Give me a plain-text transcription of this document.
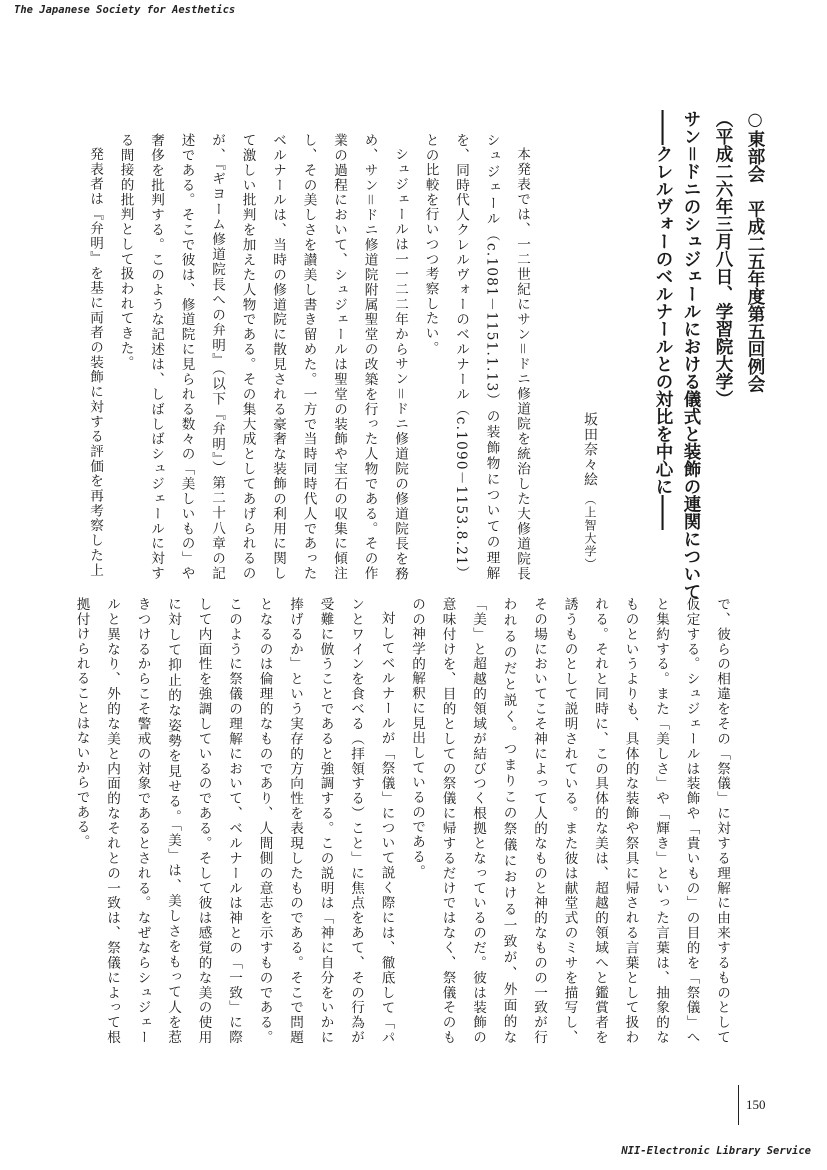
The Japanese Society for Aesthetics
○東部会　平成二五年度第五回例会
（平成二六年三月八日、学習院大学）
サン＝ドニのシュジェールにおける儀式と装飾の連関について
――クレルヴォーのベルナールとの対比を中心に――
坂田奈々絵（上智大学）

本発表では、一二世紀にサン＝ドニ修道院を統治した大修道院長シュジェール（c.1081－1151.1.13）の装飾物についての理解を、同時代人クレルヴォーのベルナール（c.1090－1153.8.21）との比較を行いつつ考察したい。

シュジェールは一一二二年からサン＝ドニ修道院の修道院長を務め、サン＝ドニ修道院附属聖堂の改築を行った人物である。その作業の過程において、シュジェールは聖堂の装飾や宝石の収集に傾注し、その美しさを讃美し書き留めた。一方で当時同時代人であったベルナールは、当時の修道院に散見される豪奢な装飾の利用に関して激しい批判を加えた人物である。その集大成としてあげられるのが、『ギヨーム修道院長への弁明』（以下『弁明』）第二十八章の記述である。そこで彼は、修道院に見られる数々の「美しいもの」や奢侈を批判する。このような記述は、しばしばシュジェールに対する間接的批判として扱われてきた。

発表者は『弁明』を基に両者の装飾に対する評価を再考察した上

で、彼らの相違をその「祭儀」に対する理解に由来するものとして仮定する。シュジェールは装飾や「貴いもの」の目的を「祭儀」へと集約する。また「美しさ」や「輝き」といった言葉は、抽象的なものというよりも、具体的な装飾や祭具に帰される言葉として扱われる。それと同時に、この具体的な美は、超越的領域へと鑑賞者を誘うものとして説明されている。また彼は献堂式のミサを描写し、その場においてこそ神によって人的なものと神的なものの一致が行われるのだと説く。つまりこの祭儀における一致が、外面的な「美」と超越的領域が結びつく根拠となっているのだ。彼は装飾の意味付けを、目的としての祭儀に帰するだけではなく、祭儀そのものの神学的解釈に見出しているのである。

対してベルナールが「祭儀」について説く際には、徹底して「パンとワインを食べる（拝領する）こと」に焦点をあて、その行為が受難に倣うことであると強調する。この説明は「神に自分をいかに捧げるか」という実存的方向性を表現したものである。そこで問題となるのは倫理的なものであり、人間側の意志を示すものである。このように祭儀の理解において、ベルナールは神との「一致」に際して内面性を強調しているのである。そして彼は感覚的な美の使用に対して抑止的な姿勢を見せる。「美」は、美しさをもって人を惹きつけるからこそ警戒の対象であるとされる。なぜならシュジェールと異なり、外的な美と内面的なそれとの一致は、祭儀によって根拠付けられることはないからである。

150
NII-Electronic Library Service
